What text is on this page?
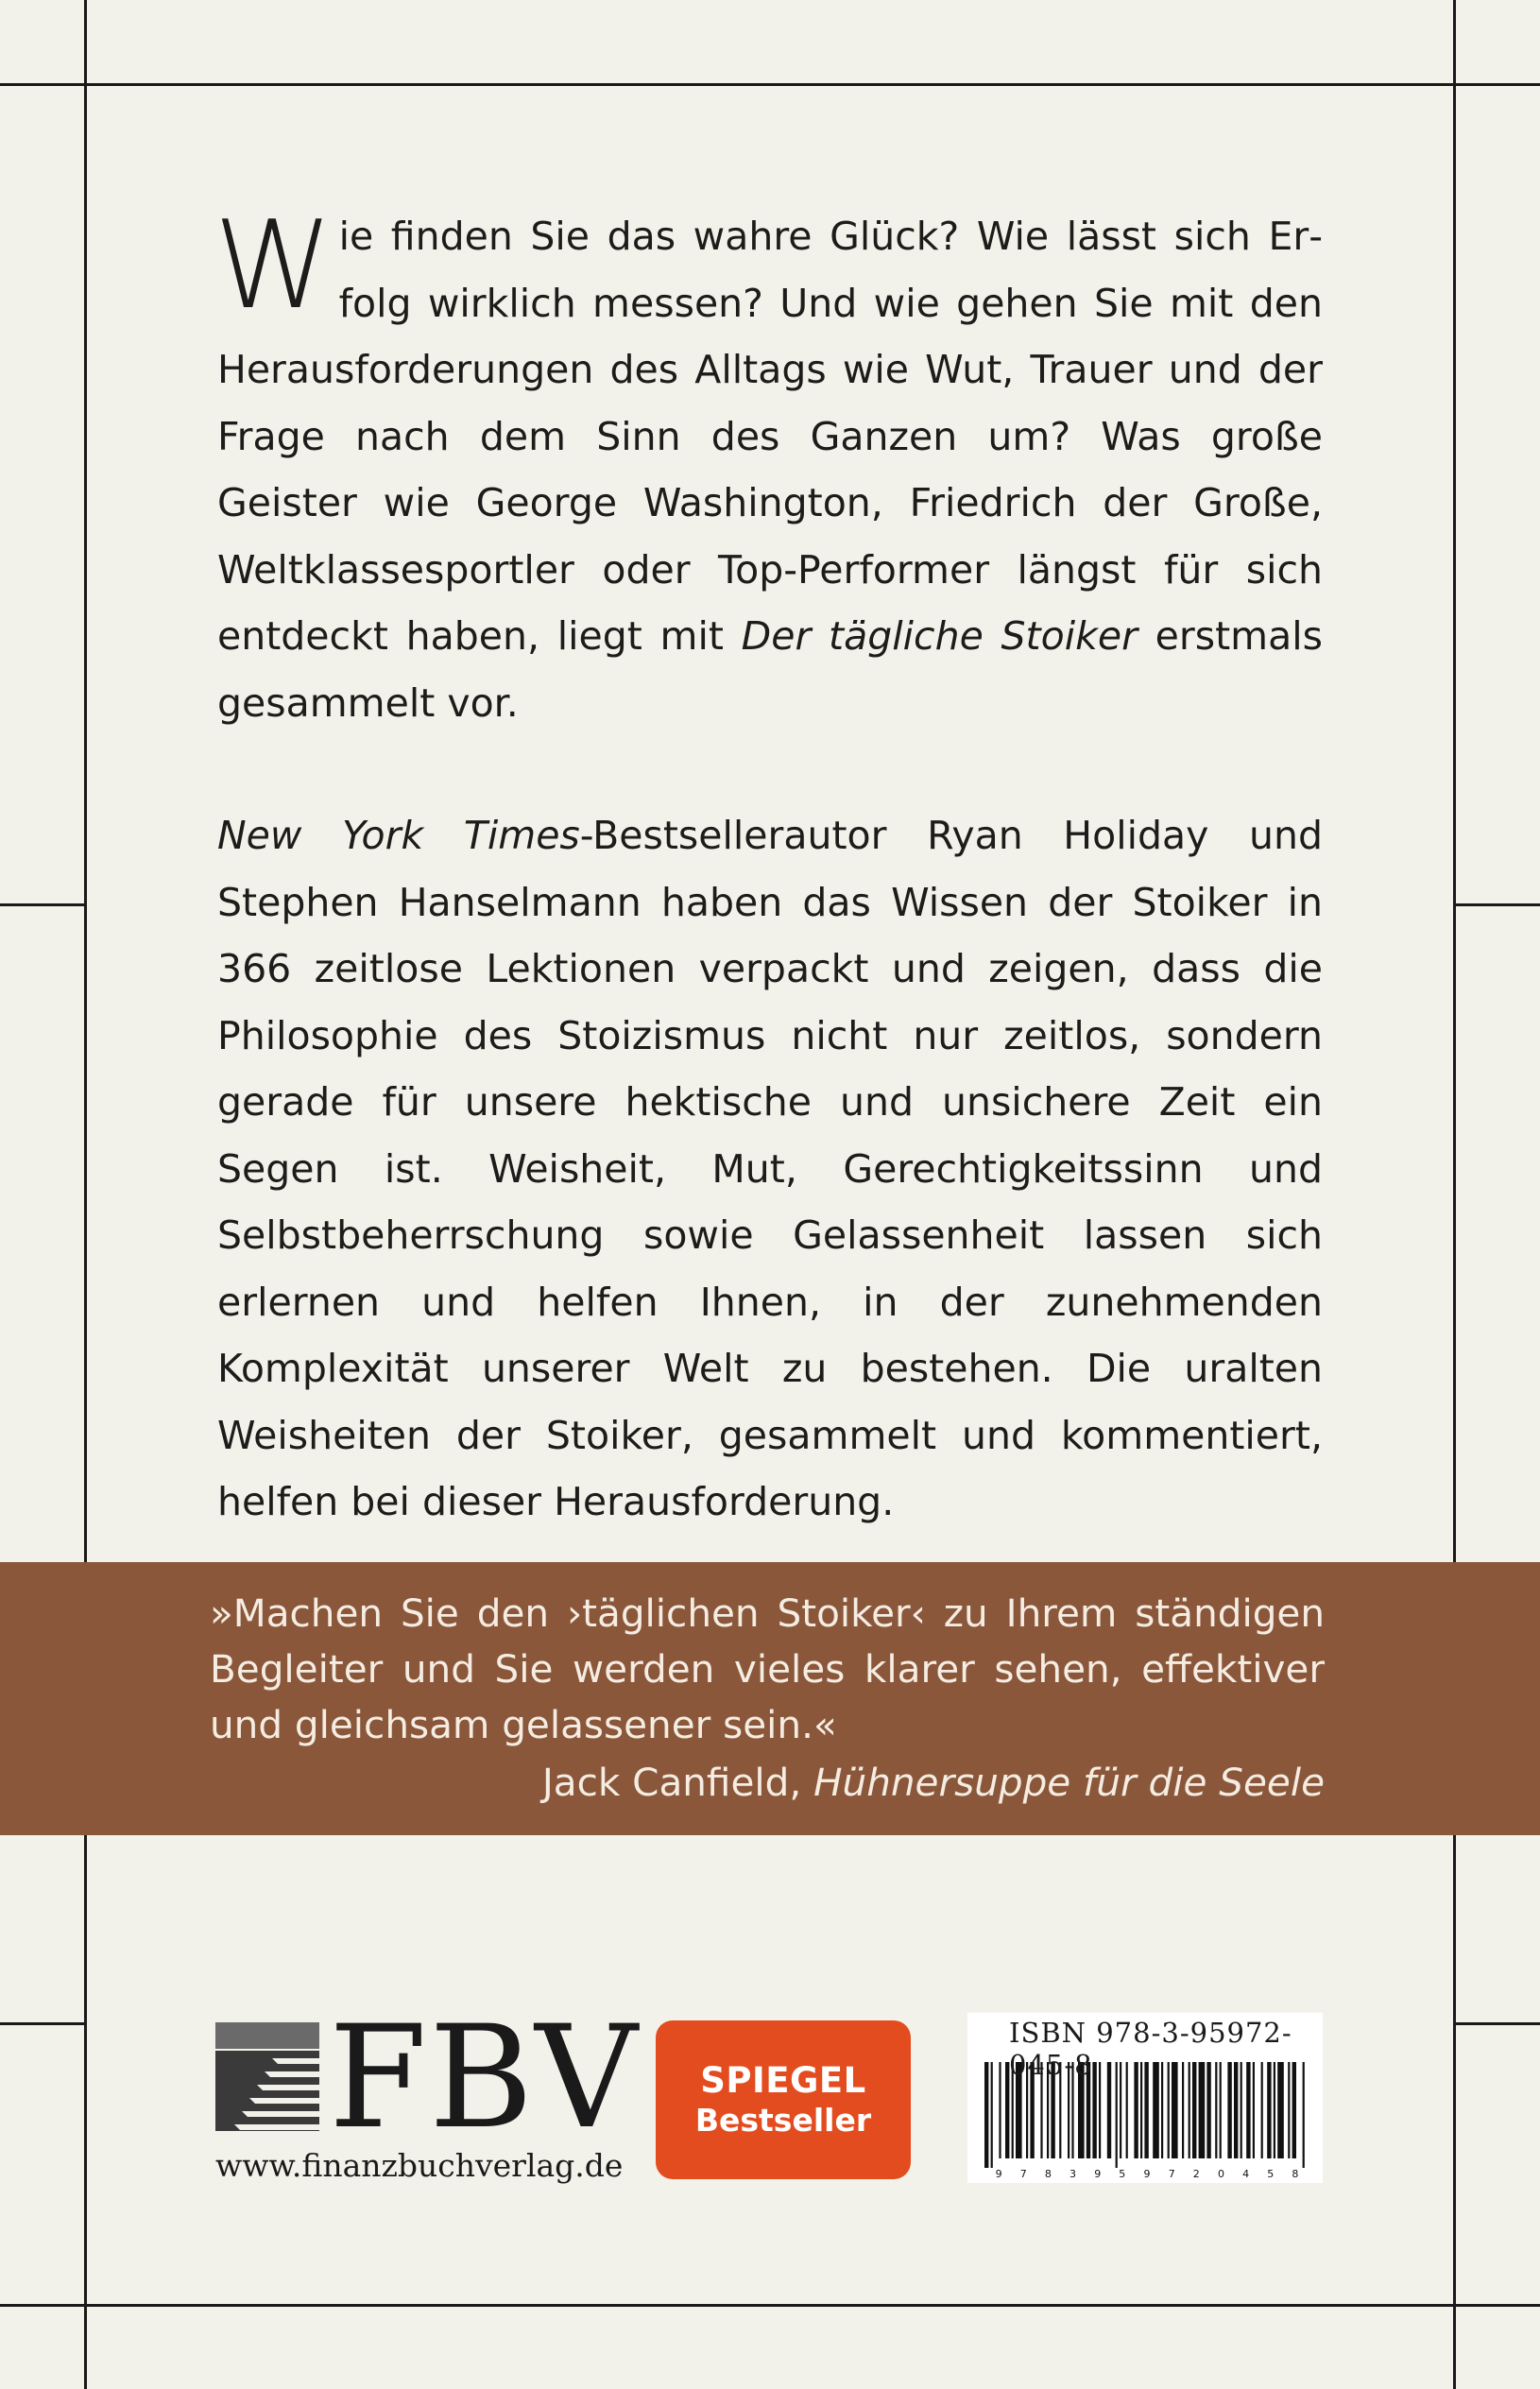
Wie finden Sie das wahre Glück? Wie lässt sich Erfolg wirklich messen? Und wie gehen Sie mit den Herausforderungen des Alltags wie Wut, Trauer und der Frage nach dem Sinn des Ganzen um? Was große Geister wie George Washington, Friedrich der Große, Weltklassesportler oder Top-Performer längst für sich entdeckt haben, liegt mit Der tägliche Stoiker erstmals gesammelt vor.

New York Times-Bestsellerautor Ryan Holiday und Stephen Hanselmann haben das Wissen der Stoiker in 366 zeitlose Lektionen verpackt und zeigen, dass die Philosophie des Stoizismus nicht nur zeitlos, sondern gerade für unsere hektische und unsichere Zeit ein Segen ist. Weisheit, Mut, Gerechtigkeitssinn und Selbstbeherrschung sowie Gelassenheit lassen sich erlernen und helfen Ihnen, in der zunehmenden Komplexität unserer Welt zu bestehen. Die uralten Weisheiten der Stoiker, gesammelt und kommentiert, helfen bei dieser Herausforderung.

»Machen Sie den ›täglichen Stoiker‹ zu Ihrem ständigen Begleiter und Sie werden vieles klarer sehen, effektiver und gleichsam gelassener sein.«
Jack Canfield, Hühnersuppe für die Seele
FBV
www.finanzbuchverlag.de
SPIEGEL
Bestseller
9 7 8 3 9 5 9 7 2 0 4 5 8
ISBN 978-3-95972-045-8
